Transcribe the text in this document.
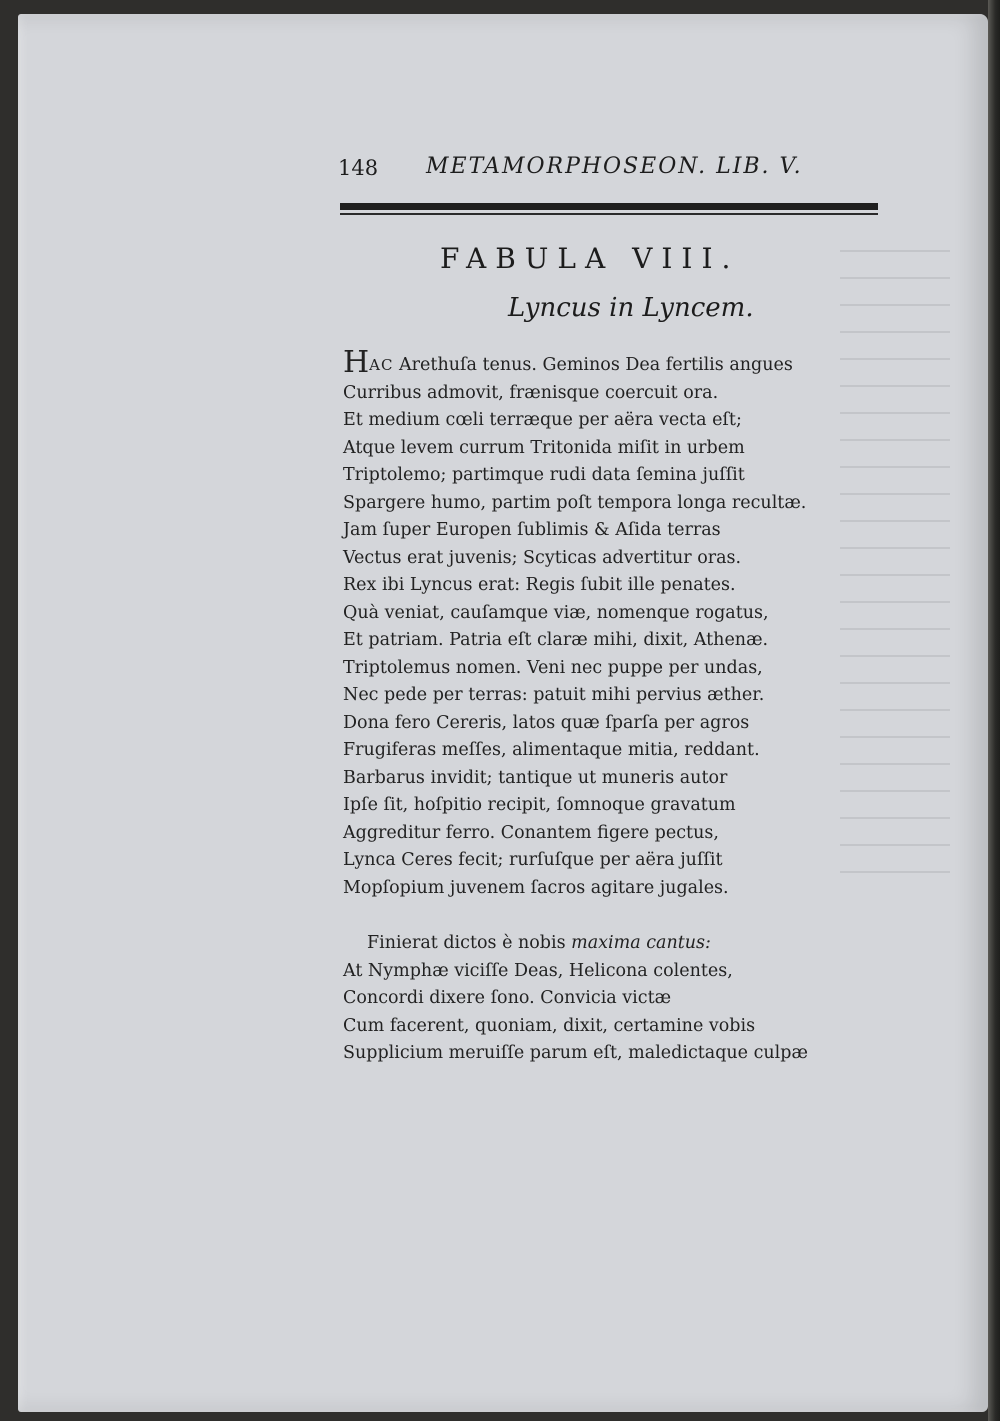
148 METAMORPHOSEON. LIB. V.
FABULA VIII.
Lyncus in Lyncem.
HAC Arethuſa tenus. Geminos Dea fertilis angues
Curribus admovit, frænisque coercuit ora.
Et medium cœli terræque per aëra vecta eſt;
Atque levem currum Tritonida miſit in urbem
Triptolemo; partimque rudi data ſemina juſſit
Spargere humo, partim poſt tempora longa recultæ.
Jam ſuper Europen ſublimis & Aſida terras
Vectus erat juvenis; Scyticas advertitur oras.
Rex ibi Lyncus erat: Regis ſubit ille penates.
Quà veniat, cauſamque viæ, nomenque rogatus,
Et patriam. Patria eſt claræ mihi, dixit, Athenæ.
Triptolemus nomen. Veni nec puppe per undas,
Nec pede per terras: patuit mihi pervius æther.
Dona fero Cereris, latos quæ ſparſa per agros
Frugiferas meſſes, alimentaque mitia, reddant.
Barbarus invidit; tantique ut muneris autor
Ipſe ſit, hoſpitio recipit, ſomnoque gravatum
Aggreditur ferro. Conantem figere pectus,
Lynca Ceres fecit; rurſuſque per aëra juſſit
Mopſopium juvenem ſacros agitare jugales.
Finierat dictos è nobis maxima cantus:
At Nymphæ viciſſe Deas, Helicona colentes,
Concordi dixere ſono. Convicia victæ
Cum facerent, quoniam, dixit, certamine vobis
Supplicium meruiſſe parum eſt, maledictaque culpæ
